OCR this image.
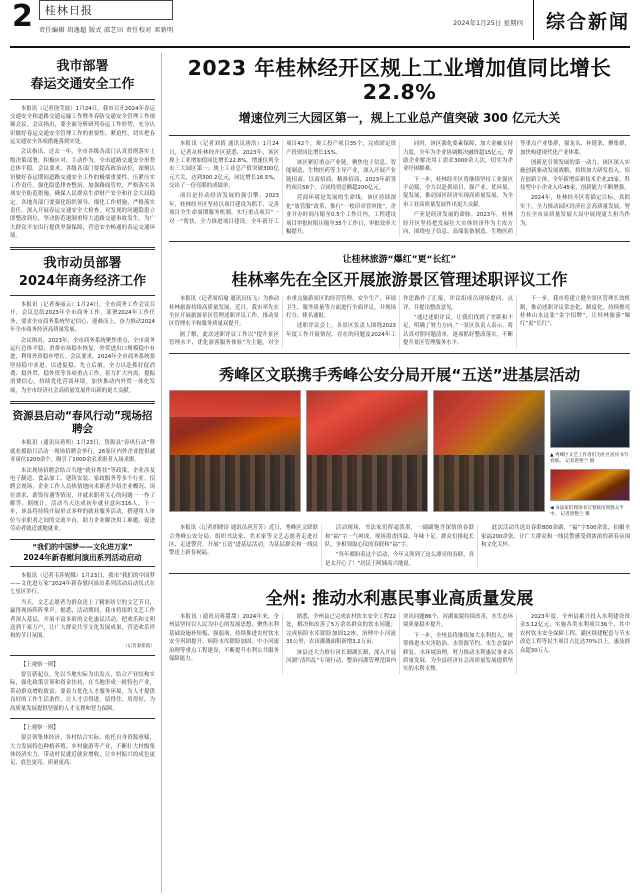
2	桂林日报
责任编辑 胡逸超 版式 邵艺田 责任校对 邓新明
2024年1月25日 星期四	综合新闻
我市部署
春运交通安全工作

本报讯（记者徐莹波）1月24日，我市召开2024年春运交通安全和道路交通运输工作暨冬春防交通安全管理工作视频会议。会议指出，要全面分析研判春运工作形势，充分认识做好春运交通安全管理工作的重要性、紧迫性，切实把春运交通安全各项措施落到实处。

会议指出，过去一年，全市各级各部门认真贯彻落实上级决策部署，积极应对、主动作为，全市道路交通安全形势总体平稳。会议要求，各级各部门要提高政治站位，深刻认识做好春运期间道路交通安全工作的极端重要性，压紧压实工作责任，强化隐患排查整治，加强路面管控，严格落实各项安全防范措施，确保人民群众生命财产安全和社会大局稳定。各地各部门要强化组织领导、细化工作措施、严格落实责任，深入开展春运交通安全大检查，对发现的问题隐患立即整改到位，坚决防范遏制重特大道路交通事故发生，为广大群众平安出行提供坚强保障，营造安全畅通的春运交通环境。

我市动员部署
2024年商务经济工作

本报讯（记者秦丽云）1月24日，全市商务工作会议召开。会议总结2023年全市商务工作，部署2024年工作任务，要求全市商务系统坚定信心、迎难而上，奋力推动2024年全市商务经济高质量发展。

会议指出，2023年，全市商务系统聚焦重点，全市商务运行总体平稳，消费市场稳步恢复，外贸进出口规模稳中有进，利用外资稳步增长。会议要求，2024年全市商务系统要坚持稳中求进、以进促稳、先立后破，全力以赴抓好促消费、稳外贸、稳外资等各项重点工作，着力扩大内需、提振消费信心，持续优化营商环境，加快推动内外贸一体化发展，为全市经济社会高质量发展作出新的更大贡献。

资源县启动“春风行动”现场招聘会

本报讯（通讯员蒋明）1月23日，资源县“春风行动”暨就业援助月活动一现场招聘会举行，26家区内外企业提供就业岗位1200余个，吸引了1000余名求职者入场求职。

本次现场招聘会结合当地“就业帮扶”等政策，企业涉及电子制造、食品加工、建筑安装、家政服务等多个行业。招聘会现场，企业工作人员热情地向求职者介绍企业概况、岗位需求、薪资待遇等情况，并就求职者关心的问题一一作了解答。据统计，活动当天达成初步就业意向316人。下一步，该县将持续开展形式多样的就业服务活动，搭建用人单位与求职者之间的交流平台，助力企业解决用工难题，促进劳动者就近就地就业。

“我们的中国梦——文化进万家”
2024年新春慰问演出系列活动启动

本报讯（记者韦莎妮娜）1月23日，我市“我们的中国梦——文化进万家”2024年新春慰问演出系列活动启动仪式在七星区举行。

当天，文艺志愿者为群众送上了精彩纷呈的文艺节目，赢得现场阵阵掌声。据悉，活动期间，我市将组织文艺工作者深入基层，开展丰富多彩的文化惠民活动，把欢乐和文明送到千家万户，让广大群众共享文化发展成果，营造欢乐祥和的节日氛围。

（记者秦紫霞）

【上观察一则】

要引新起点。先以当地实际为出发点，结合产业结构实际，强化政策引领和资金扶持，在当地形成一批特色产业，带动群众增收致富；要着力优化人才服务环境，为人才提供良好的工作生活条件，让人才引得进、留得住、用得好，为高质量发展提供坚强的人才支撑和智力保障。

【上观察一则】

要引领集体经济。各村结合实际，依托自身资源禀赋，大力发展特色种植养殖、乡村旅游等产业，不断壮大村级集体经济实力，带动村民就近就业增收，让乡村振兴的成色更足、底色更亮、质量更高。

2023 年桂林经开区规上工业增加值同比增长 22.8%
增速位列三大园区第一，规上工业总产值突破 300 亿元大关

本报讯（记者刘倩 通讯员唐浩）1月24日，记者从桂林经开区获悉，2023年，该区规上工业增加值同比增长22.8%，增速位列全市三大园区第一；规上工业总产值突破300亿元大关，达到300.2亿元，同比增长16.5%，交出了一份亮眼的成绩单。

项目是拉动经济发展的强引擎。2023年，桂林经开区坚持以项目建设为抓手，完善项目全生命周期服务机制，实行重点项目“一对一”帮扶，全力推进项目建设。全年新开工项目42个，竣工投产项目35个，完成固定资产投资同比增长15%。

该区紧盯重点产业链，聚焦电子信息、智能制造、生物医药等主导产业，深入开展产业链招商、以商招商、精准招商，2023年新签约项目56个，合同投资总额超200亿元。

营商环境是发展的生命线。该区持续深化“放管服”改革，推行“一枚印章管审批”，企业开办时间压缩至0.5个工作日内，工程建设项目审批时限压缩至35个工作日，审批效率大幅提升。

同时，该区强化要素保障，加大金融支持力度，全年为企业协调解决融资超15亿元，帮助企业解决用工需求3000余人次，切实为企业纾困解难。

下一步，桂林经开区将继续坚持工业强区不动摇，全力以赴抓项目、强产业、优环境、促发展，推动园区经济实现高质量发展，为全市工业高质量发展作出更大贡献。

产业是经济发展的命脉。2023年，桂林经开区坚持把发展壮大实体经济作为主攻方向，围绕电子信息、高端装备制造、生物医药等重点产业集群，强龙头、补链条、聚集群，加快构建现代化产业体系。

创新是引领发展的第一动力。该区深入实施创新驱动发展战略，持续加大研发投入，培育创新主体，全年新增高新技术企业23家，科技型中小企业入库45家，创新能力不断增强。

2024年，桂林经开区将锚定目标，真抓实干，全力推动园区经济社会高质量发展，努力在全市高质量发展大局中展现更大担当作为。

让桂林旅游“爆红”更“长红”
桂林率先在全区开展旅游景区管理述职评议工作

本报讯（记者周绍瑜 通讯员伍飞）为推动桂林旅游持续高质量发展，近日，我市率先在全区开展旅游景区管理述职评议工作，推动景区管理水平和服务质量双提升。

据了解，此次述职评议工作以“提升景区管理水平、优化游客服务体验”为主题，对全市重点旅游景区的经营管理、安全生产、环境卫生、服务质量等方面进行全面评议，并现场打分、排名通报。

述职评议会上，各景区负责人围绕2023年度工作开展情况、存在的问题及2024年工作思路作了汇报，评议组成员现场提问、点评，并提出整改意见。

“通过述职评议，让我们找到了差距和不足，明确了努力方向。”一景区负责人表示，将认真对照问题清单，逐项抓好整改落实，不断提升景区管理服务水平。

下一步，我市将建立健全景区管理长效机制，推动述职评议常态化、制度化，持续擦亮桂林山水这张“金字招牌”，让桂林旅游“爆红”更“长红”。

秀峰区文联携手秀峰公安分局开展“五送”进基层活动
▲ 秀峰区文艺工作者们为社区居民书写春联。 记者唐艳兰 摄
◀ 书法家们现场书写春联送到群众手中。 记者唐艳兰 摄

本报讯（记者胡晓诗 通讯员唐芳芳）近日，秀峰区文联联合秀峰公安分局，组织书法家、美术家等文艺志愿者走进社区、走进警营，开展“五送”进基层活动，为基层群众和一线民警送上新春祝福。

活动现场，书法家们挥毫泼墨，一副副饱含深情的春联和“福”字一气呵成，现场墨香四溢、年味十足。群众们排起长队，争相领取心仪的春联和“福”字。

“每年都盼着这个活动，今年又领到了这么漂亮的春联，真是太开心了！”居民王阿姨高兴地说。

此次活动共送出春联800余副、“福”字500余张，拍摄全家福200余张，让广大群众和一线民警感受到浓浓的新春氛围和文化关怀。

全州: 推动水利惠民事业高质量发展

本报讯（通讯员蒋甜甜）2024年来，全州县坚持以人民为中心的发展思想，聚焦水利基础设施补短板、强弱项，持续推进农村饮水安全巩固提升、病险水库除险加固、中小河流治理等重点工程建设，不断提升水利公共服务保障能力。

据悉，全州县已完成农村饮水安全工程22处，解决和改善了5万余名群众的饮水问题；完成病险水库除险加固12座，治理中小河流35公里，农田灌溉面积新增3.2万亩。

该县还大力推行河长制湖长制，深入开展河湖“清四乱”专项行动，整治河湖管理范围内突出问题86个，河湖面貌持续改善，水生态环境质量稳步提升。

下一步，全州县将继续加大水利投入，统筹推进水灾害防治、水资源节约、水生态保护修复、水环境治理，努力推动水利惠民事业高质量发展，为全县经济社会高质量发展提供坚实的水利支撑。

2023年度，全州县累计投入水利建设资金3.12亿元，实施各类水利项目36个，其中农村饮水安全保障工程、灌区续建配套与节水改造工程等民生项目占比达70%以上，惠及群众超30万人。
